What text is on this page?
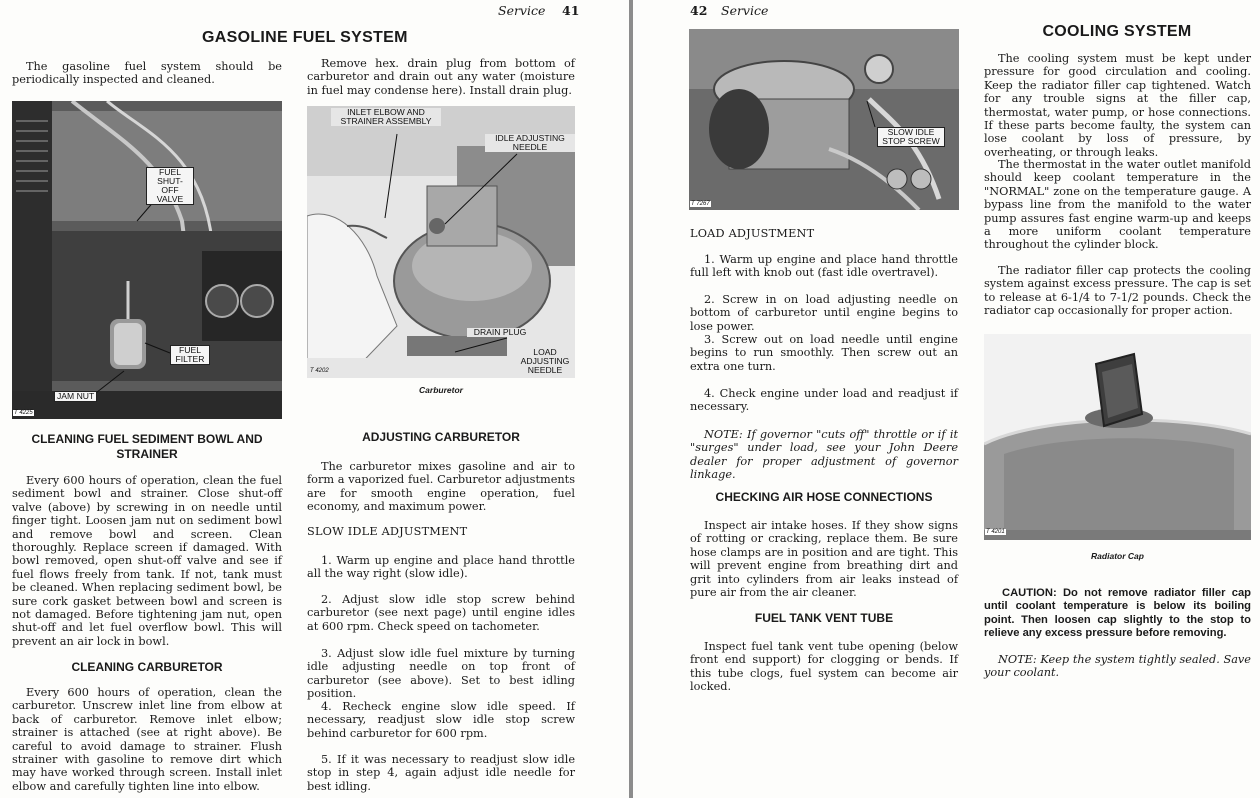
Service 41
GASOLINE FUEL SYSTEM
The gasoline fuel system should be periodically inspected and cleaned.
FUEL SHUT-OFF VALVE
FUEL FILTER
JAM NUT
T 4225
CLEANING FUEL SEDIMENT BOWL AND STRAINER
Every 600 hours of operation, clean the fuel sediment bowl and strainer. Close shut-off valve (above) by screwing in on needle until finger tight. Loosen jam nut on sediment bowl and remove bowl and screen. Clean thoroughly. Replace screen if damaged. With bowl removed, open shut-off valve and see if fuel flows freely from tank. If not, tank must be cleaned. When replacing sediment bowl, be sure cork gasket between bowl and screen is not damaged. Before tightening jam nut, open shut-off and let fuel overflow bowl. This will prevent an air lock in bowl.
CLEANING CARBURETOR
Every 600 hours of operation, clean the carburetor. Unscrew inlet line from elbow at back of carburetor. Remove inlet elbow; strainer is attached (see at right above). Be careful to avoid damage to strainer. Flush strainer with gasoline to remove dirt which may have worked through screen. Install inlet elbow and carefully tighten line into elbow.
Remove hex. drain plug from bottom of carburetor and drain out any water (moisture in fuel may condense here). Install drain plug.
INLET ELBOW AND STRAINER ASSEMBLY
IDLE ADJUSTING NEEDLE
DRAIN PLUG
LOAD ADJUSTING NEEDLE
T 4202
Carburetor
ADJUSTING CARBURETOR
The carburetor mixes gasoline and air to form a vaporized fuel. Carburetor adjustments are for smooth engine operation, fuel economy, and maximum power.
SLOW IDLE ADJUSTMENT
1. Warm up engine and place hand throttle all the way right (slow idle).
2. Adjust slow idle stop screw behind carburetor (see next page) until engine idles at 600 rpm. Check speed on tachometer.
3. Adjust slow idle fuel mixture by turning idle adjusting needle on top front of carburetor (see above). Set to best idling position.
4. Recheck engine slow idle speed. If necessary, readjust slow idle stop screw behind carburetor for 600 rpm.
5. If it was necessary to readjust slow idle stop in step 4, again adjust idle needle for best idling.
42 Service
SLOW IDLE STOP SCREW
T 7267
LOAD ADJUSTMENT
1. Warm up engine and place hand throttle full left with knob out (fast idle overtravel).
2. Screw in on load adjusting needle on bottom of carburetor until engine begins to lose power.
3. Screw out on load needle until engine begins to run smoothly. Then screw out an extra one turn.
4. Check engine under load and readjust if necessary.
NOTE: If governor "cuts off" throttle or if it "surges" under load, see your John Deere dealer for proper adjustment of governor linkage.
CHECKING AIR HOSE CONNECTIONS
Inspect air intake hoses. If they show signs of rotting or cracking, replace them. Be sure hose clamps are in position and are tight. This will prevent engine from breathing dirt and grit into cylinders from air leaks instead of pure air from the air cleaner.
FUEL TANK VENT TUBE
Inspect fuel tank vent tube opening (below front end support) for clogging or bends. If this tube clogs, fuel system can become air locked.
COOLING SYSTEM
The cooling system must be kept under pressure for good circulation and cooling. Keep the radiator filler cap tightened. Watch for any trouble signs at the filler cap, thermostat, water pump, or hose connections. If these parts become faulty, the system can lose coolant by loss of pressure, by overheating, or through leaks.
The thermostat in the water outlet manifold should keep coolant temperature in the "NORMAL" zone on the temperature gauge. A bypass line from the manifold to the water pump assures fast engine warm-up and keeps a more uniform coolant temperature throughout the cylinder block.
The radiator filler cap protects the cooling system against excess pressure. The cap is set to release at 6-1/4 to 7-1/2 pounds. Check the radiator cap occasionally for proper action.
T 4201
Radiator Cap
CAUTION: Do not remove radiator filler cap until coolant temperature is below its boiling point. Then loosen cap slightly to the stop to relieve any excess pressure before removing.
NOTE: Keep the system tightly sealed. Save your coolant.
